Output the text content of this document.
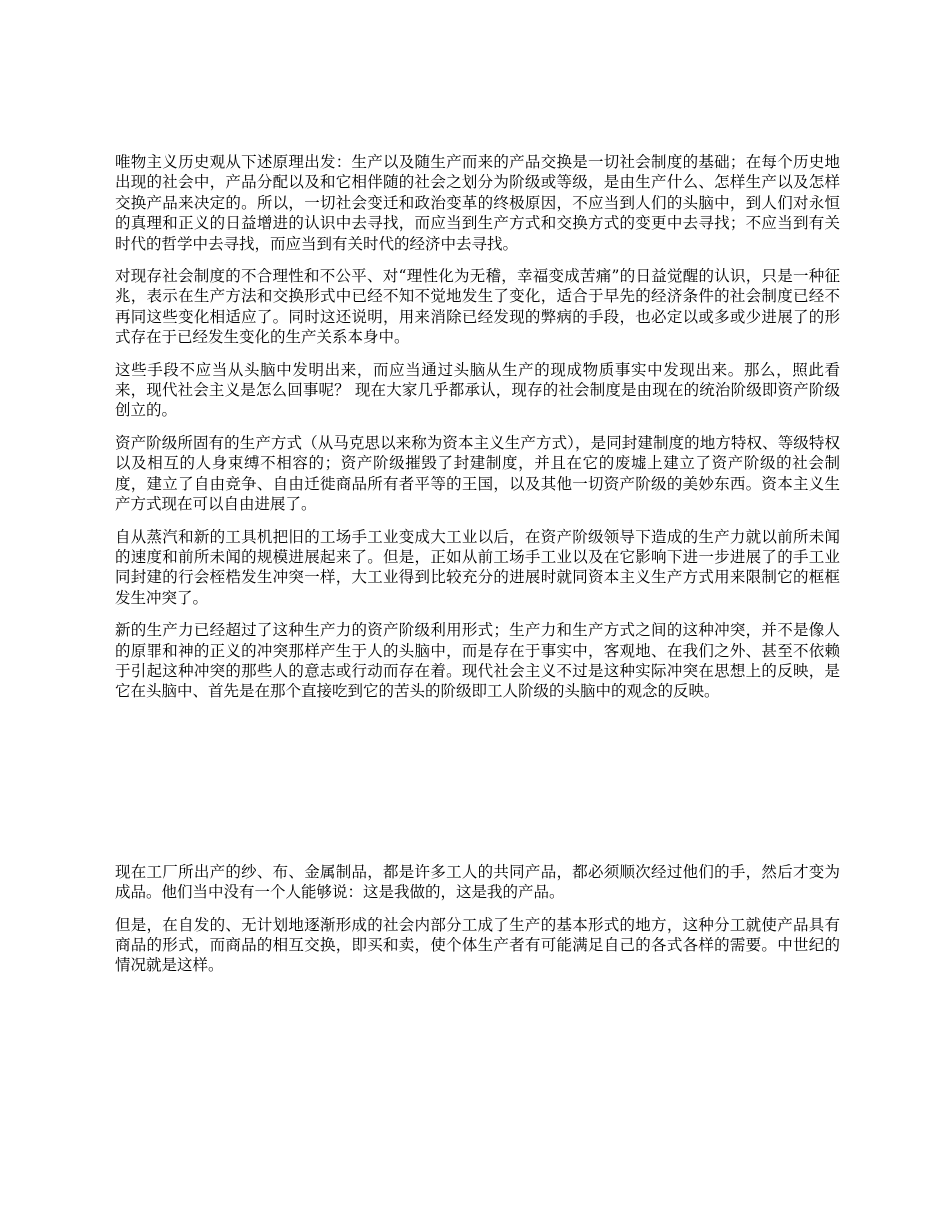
唯物主义历史观从下述原理出发：生产以及随生产而来的产品交换是一切社会制度的基础；在每个历史地出现的社会中，产品分配以及和它相伴随的社会之划分为阶级或等级，是由生产什么、怎样生产以及怎样交换产品来决定的。所以，一切社会变迁和政治变革的终极原因，不应当到人们的头脑中，到人们对永恒的真理和正义的日益增进的认识中去寻找，而应当到生产方式和交换方式的变更中去寻找；不应当到有关时代的哲学中去寻找，而应当到有关时代的经济中去寻找。

对现存社会制度的不合理性和不公平、对“理性化为无稽，幸福变成苦痛”的日益觉醒的认识，只是一种征兆，表示在生产方法和交换形式中已经不知不觉地发生了变化，适合于早先的经济条件的社会制度已经不再同这些变化相适应了。同时这还说明，用来消除已经发现的弊病的手段，也必定以或多或少进展了的形式存在于已经发生变化的生产关系本身中。

这些手段不应当从头脑中发明出来，而应当通过头脑从生产的现成物质事实中发现出来。那么，照此看来，现代社会主义是怎么回事呢？ 现在大家几乎都承认，现存的社会制度是由现在的统治阶级即资产阶级创立的。

资产阶级所固有的生产方式（从马克思以来称为资本主义生产方式），是同封建制度的地方特权、等级特权以及相互的人身束缚不相容的；资产阶级摧毁了封建制度，并且在它的废墟上建立了资产阶级的社会制度，建立了自由竞争、自由迁徙商品所有者平等的王国，以及其他一切资产阶级的美妙东西。资本主义生产方式现在可以自由进展了。

自从蒸汽和新的工具机把旧的工场手工业变成大工业以后，在资产阶级领导下造成的生产力就以前所未闻的速度和前所未闻的规模进展起来了。但是，正如从前工场手工业以及在它影响下进一步进展了的手工业同封建的行会桎梏发生冲突一样，大工业得到比较充分的进展时就同资本主义生产方式用来限制它的框框发生冲突了。

新的生产力已经超过了这种生产力的资产阶级利用形式；生产力和生产方式之间的这种冲突，并不是像人的原罪和神的正义的冲突那样产生于人的头脑中，而是存在于事实中，客观地、在我们之外、甚至不依赖于引起这种冲突的那些人的意志或行动而存在着。现代社会主义不过是这种实际冲突在思想上的反映，是它在头脑中、首先是在那个直接吃到它的苦头的阶级即工人阶级的头脑中的观念的反映。

现在工厂所出产的纱、布、金属制品，都是许多工人的共同产品，都必须顺次经过他们的手，然后才变为成品。他们当中没有一个人能够说：这是我做的，这是我的产品。

但是，在自发的、无计划地逐渐形成的社会内部分工成了生产的基本形式的地方，这种分工就使产品具有商品的形式，而商品的相互交换，即买和卖，使个体生产者有可能满足自己的各式各样的需要。中世纪的情况就是这样。
